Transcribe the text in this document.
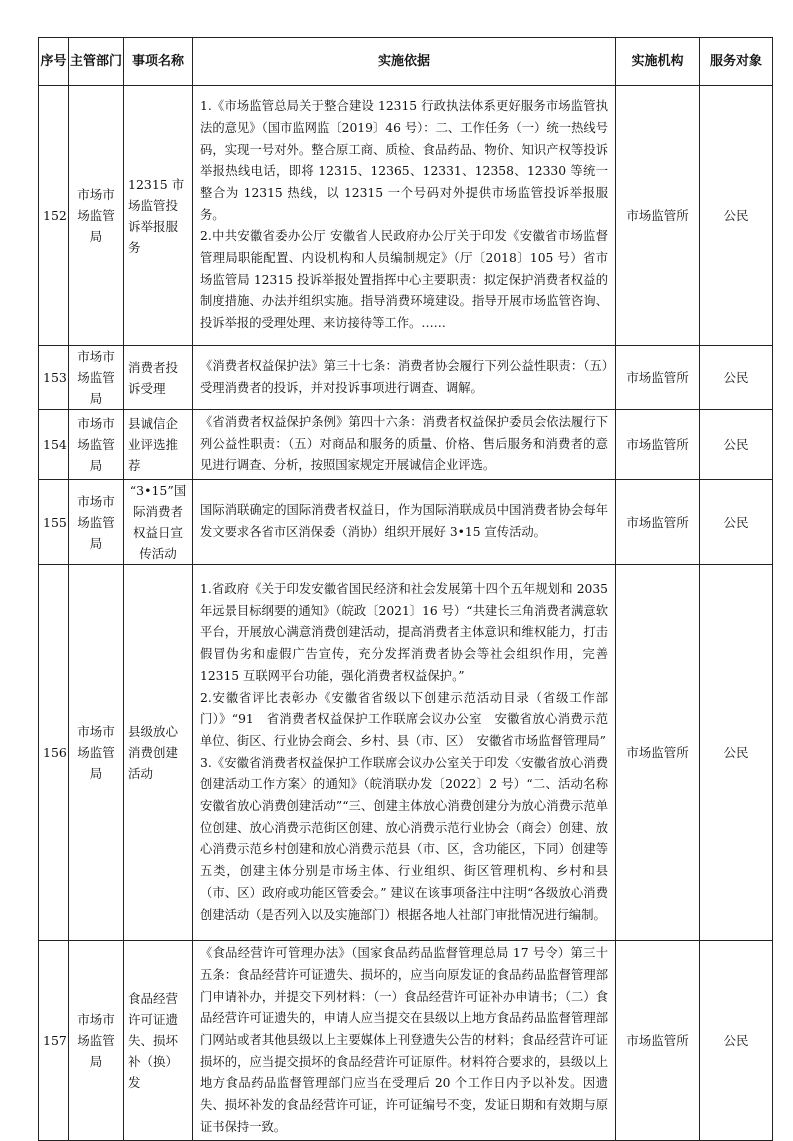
序号	主管部门	事项名称	实施依据	实施机构	服务对象
152	市场市场监管局	12315 市场监管投诉举报服务	1.《市场监管总局关于整合建设 12315 行政执法体系更好服务市场监管执法的意见》（国市监网监〔2019〕46 号）：二、工作任务（一）统一热线号码，实现一号对外。整合原工商、质检、食品药品、物价、知识产权等投诉举报热线电话，即将 12315、12365、12331、12358、12330 等统一整合为 12315 热线，以 12315 一个号码对外提供市场监管投诉举报服务。

2.中共安徽省委办公厅 安徽省人民政府办公厅关于印发《安徽省市场监督管理局职能配置、内设机构和人员编制规定》（厅〔2018〕105 号）省市场监管局 12315 投诉举报处置指挥中心主要职责：拟定保护消费者权益的制度措施、办法并组织实施。指导消费环境建设。指导开展市场监管咨询、投诉举报的受理处理、来访接待等工作。……	市场监管所	公民
153	市场市场监管局	消费者投诉受理	《消费者权益保护法》第三十七条：消费者协会履行下列公益性职责：（五）受理消费者的投诉，并对投诉事项进行调查、调解。	市场监管所	公民
154	市场市场监管局	县诚信企业评选推荐	《省消费者权益保护条例》第四十六条：消费者权益保护委员会依法履行下列公益性职责：（五）对商品和服务的质量、价格、售后服务和消费者的意见进行调查、分析，按照国家规定开展诚信企业评选。	市场监管所	公民
155	市场市场监管局	“3•15”国际消费者权益日宣传活动	国际消联确定的国际消费者权益日，作为国际消联成员中国消费者协会每年发文要求各省市区消保委（消协）组织开展好 3•15 宣传活动。	市场监管所	公民
156	市场市场监管局	县级放心消费创建活动	1.省政府《关于印发安徽省国民经济和社会发展第十四个五年规划和 2035 年远景目标纲要的通知》（皖政〔2021〕16 号）“共建长三角消费者满意软平台，开展放心满意消费创建活动，提高消费者主体意识和维权能力，打击假冒伪劣和虚假广告宣传，充分发挥消费者协会等社会组织作用，完善 12315 互联网平台功能，强化消费者权益保护。”

2.安徽省评比表彰办《安徽省省级以下创建示范活动目录（省级工作部门）》“91　省消费者权益保护工作联席会议办公室　安徽省放心消费示范单位、街区、行业协会商会、乡村、县（市、区）　安徽省市场监督管理局”

3.《安徽省消费者权益保护工作联席会议办公室关于印发〈安徽省放心消费创建活动工作方案〉的通知》（皖消联办发〔2022〕2 号）“二、活动名称　安徽省放心消费创建活动”“三、创建主体放心消费创建分为放心消费示范单位创建、放心消费示范街区创建、放心消费示范行业协会（商会）创建、放心消费示范乡村创建和放心消费示范县（市、区，含功能区，下同）创建等五类，创建主体分别是市场主体、行业组织、街区管理机构、乡村和县（市、区）政府或功能区管委会。” 建议在该事项备注中注明“各级放心消费创建活动（是否列入以及实施部门）根据各地人社部门审批情况进行编制。	市场监管所	公民
157	市场市场监管局	食品经营许可证遗失、损坏补（换）发	《食品经营许可管理办法》（国家食品药品监督管理总局 17 号令）第三十五条：食品经营许可证遗失、损坏的，应当向原发证的食品药品监督管理部门申请补办，并提交下列材料：（一）食品经营许可证补办申请书；（二）食品经营许可证遗失的，申请人应当提交在县级以上地方食品药品监督管理部门网站或者其他县级以上主要媒体上刊登遗失公告的材料；食品经营许可证损坏的，应当提交损坏的食品经营许可证原件。材料符合要求的，县级以上地方食品药品监督管理部门应当在受理后 20 个工作日内予以补发。因遗失、损坏补发的食品经营许可证，许可证编号不变，发证日期和有效期与原证书保持一致。	市场监管所	公民
